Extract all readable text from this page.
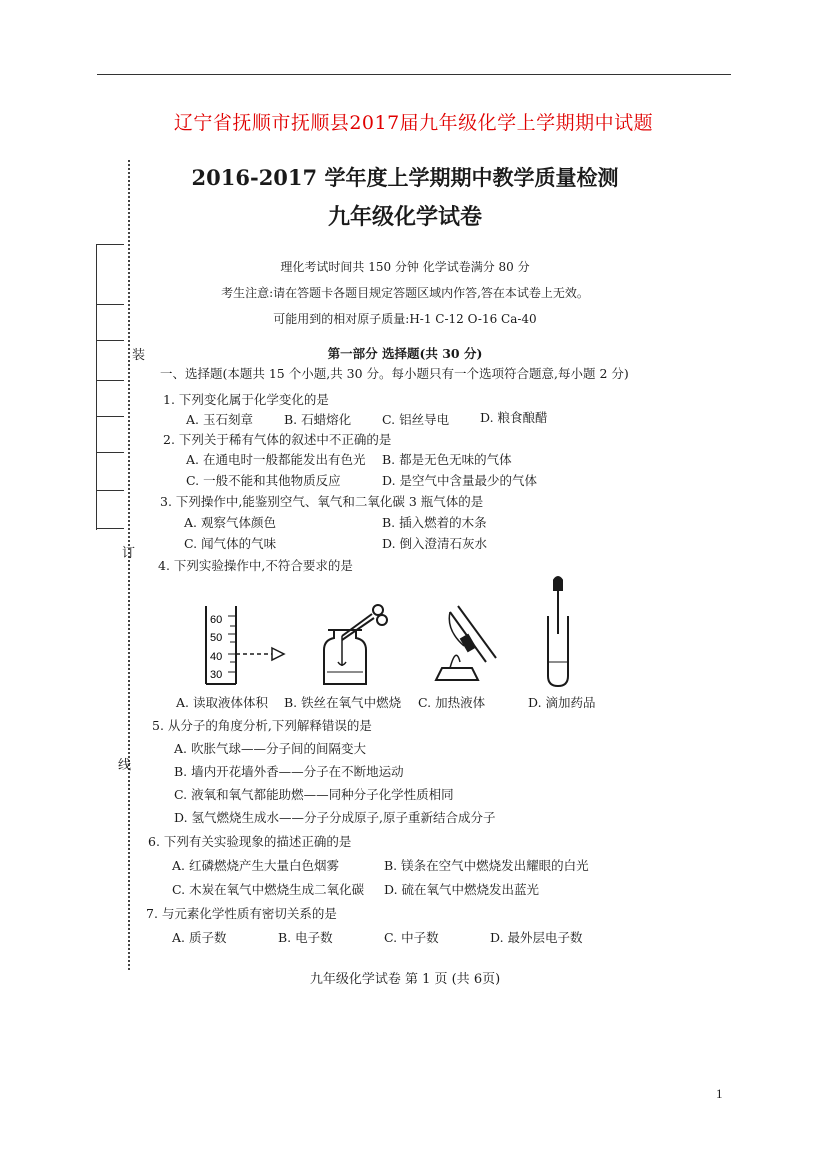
辽宁省抚顺市抚顺县2017届九年级化学上学期期中试题
装
订
线
2016-2017 学年度上学期期中教学质量检测
九年级化学试卷
理化考试时间共 150 分钟 化学试卷满分 80 分
考生注意:请在答题卡各题目规定答题区域内作答,答在本试卷上无效。
可能用到的相对原子质量:H-1 C-12 O-16 Ca-40
第一部分 选择题(共 30 分)
一、选择题(本题共 15 个小题,共 30 分。每小题只有一个选项符合题意,每小题 2 分)
1. 下列变化属于化学变化的是
A. 玉石刻章 B. 石蜡熔化 C. 铝丝导电 D. 粮食酿醋
2. 下列关于稀有气体的叙述中不正确的是
A. 在通电时一般都能发出有色光 B. 都是无色无味的气体
C. 一般不能和其他物质反应	D. 是空气中含量最少的气体
3. 下列操作中,能鉴别空气、氧气和二氧化碳 3 瓶气体的是
A. 观察气体颜色	B. 插入燃着的木条
C. 闻气体的气味	D. 倒入澄清石灰水
4. 下列实验操作中,不符合要求的是
60
50
40
30
A. 读取液体体积 B. 铁丝在氧气中燃烧 C. 加热液体	D. 滴加药品
5. 从分子的角度分析,下列解释错误的是
A. 吹胀气球——分子间的间隔变大
B. 墙内开花墙外香——分子在不断地运动
C. 液氧和氧气都能助燃——同种分子化学性质相同
D. 氢气燃烧生成水——分子分成原子,原子重新结合成分子
6. 下列有关实验现象的描述正确的是
A. 红磷燃烧产生大量白色烟雾	B. 镁条在空气中燃烧发出耀眼的白光
C. 木炭在氧气中燃烧生成二氧化碳 D. 硫在氧气中燃烧发出蓝光
7. 与元素化学性质有密切关系的是
A. 质子数	B. 电子数	C. 中子数	D. 最外层电子数
九年级化学试卷 第 1 页 (共 6页)
1
